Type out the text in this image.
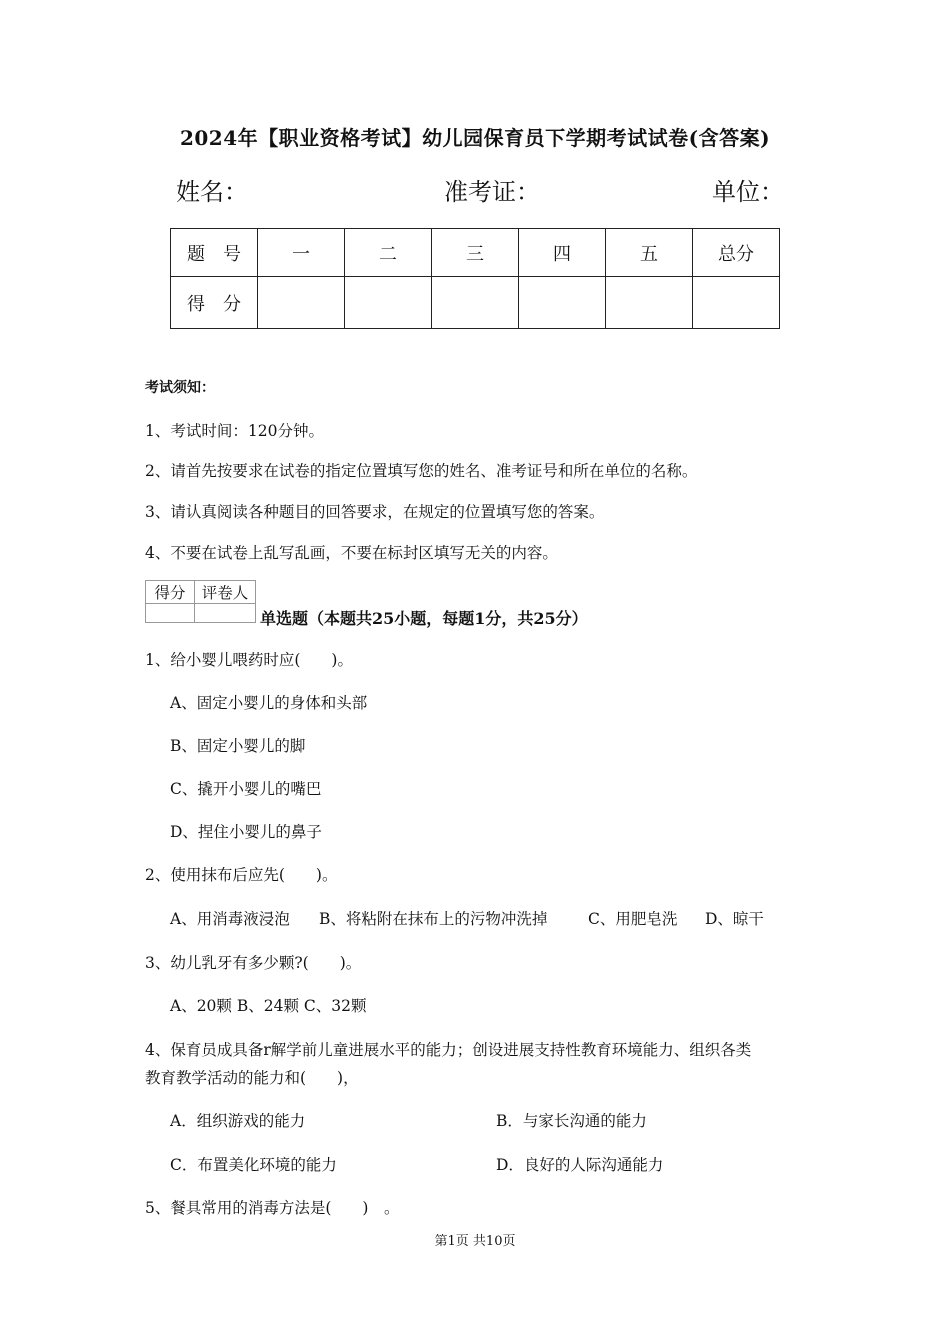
2024年【职业资格考试】幼儿园保育员下学期考试试卷(含答案)
姓名：	准考证：	单位：
题　号	一	二	三	四	五	总分
得　分						
考试须知：
1、考试时间：120分钟。
2、请首先按要求在试卷的指定位置填写您的姓名、准考证号和所在单位的名称。
3、请认真阅读各种题目的回答要求，在规定的位置填写您的答案。
4、不要在试卷上乱写乱画，不要在标封区填写无关的内容。
得分	评卷人

单选题（本题共25小题，每题1分，共25分）
1、给小婴儿喂药时应(　　)。
A、固定小婴儿的身体和头部
B、固定小婴儿的脚
C、撬开小婴儿的嘴巴
D、捏住小婴儿的鼻子
2、使用抹布后应先(　　)。
A、用消毒液浸泡 B、将粘附在抹布上的污物冲洗掉	C、用肥皂洗 D、晾干
3、幼儿乳牙有多少颗?(　　)。
A、20颗 B、24颗 C、32颗
4、保育员成具备r解学前儿童进展水平的能力；创设进展支持性教育环境能力、组织各类
教育教学活动的能力和(　　)，
A．组织游戏的能力	B．与家长沟通的能力
C．布置美化环境的能力	D．良好的人际沟通能力
5、餐具常用的消毒方法是(　　)　。
第1页 共10页
